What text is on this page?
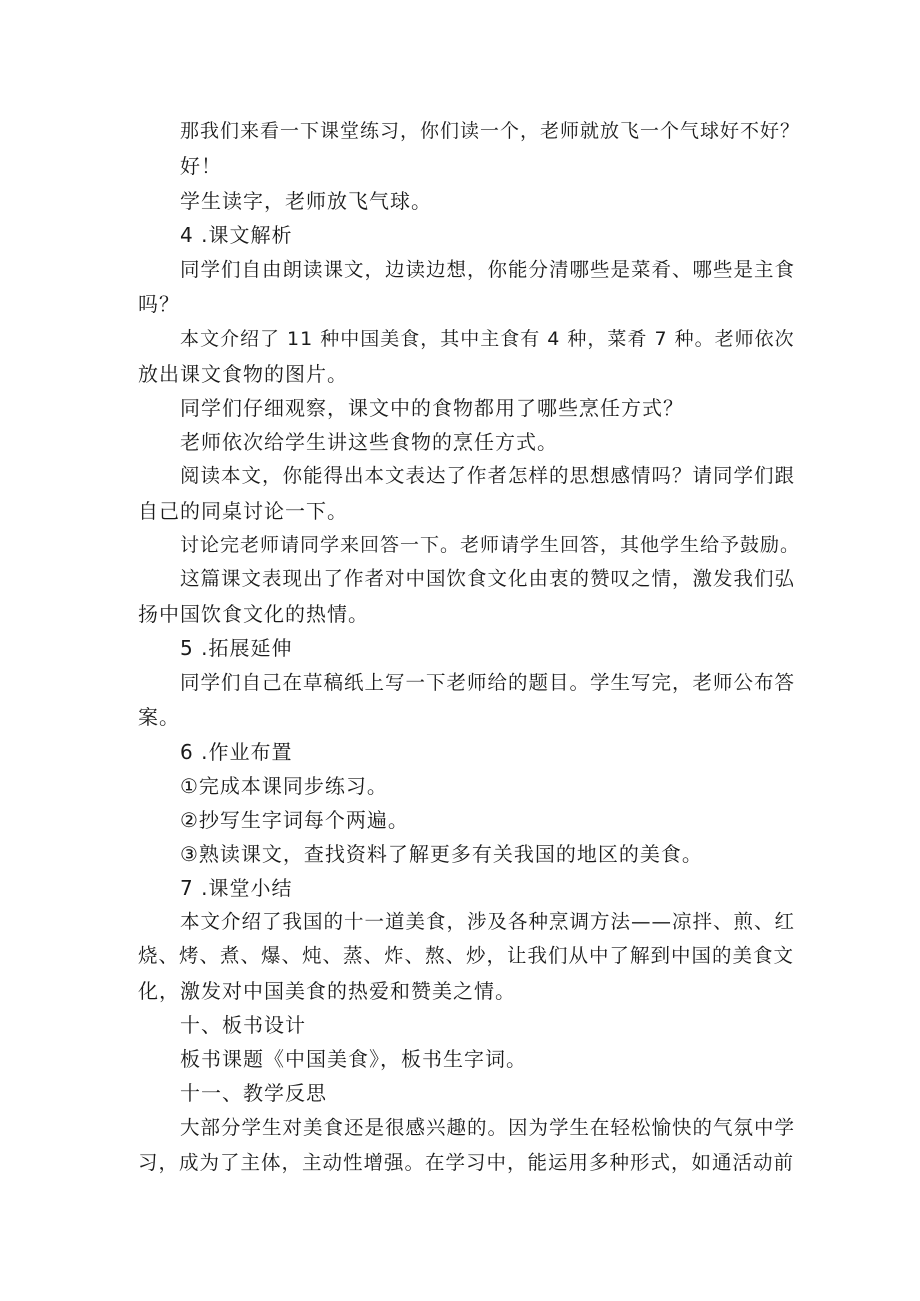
那我们来看一下课堂练习，你们读一个，老师就放飞一个气球好不好？
好！
学生读字，老师放飞气球。
4 .课文解析
同学们自由朗读课文，边读边想，你能分清哪些是菜肴、哪些是主食
吗？
本文介绍了 11 种中国美食，其中主食有 4 种，菜肴 7 种。老师依次
放出课文食物的图片。
同学们仔细观察，课文中的食物都用了哪些烹任方式？
老师依次给学生讲这些食物的烹任方式。
阅读本文，你能得出本文表达了作者怎样的思想感情吗？请同学们跟
自己的同桌讨论一下。
讨论完老师请同学来回答一下。老师请学生回答，其他学生给予鼓励。
这篇课文表现出了作者对中国饮食文化由衷的赞叹之情，激发我们弘
扬中国饮食文化的热情。
5 .拓展延伸
同学们自己在草稿纸上写一下老师给的题目。学生写完，老师公布答
案。
6 .作业布置
①完成本课同步练习。
②抄写生字词每个两遍。
③熟读课文，查找资料了解更多有关我国的地区的美食。
7 .课堂小结
本文介绍了我国的十一道美食，涉及各种烹调方法——凉拌、煎、红
烧、烤、煮、爆、炖、蒸、炸、熬、炒，让我们从中了解到中国的美食文
化，激发对中国美食的热爱和赞美之情。
十、板书设计
板书课题《中国美食》，板书生字词。
十一、教学反思
大部分学生对美食还是很感兴趣的。因为学生在轻松愉快的气氛中学
习，成为了主体，主动性增强。在学习中，能运用多种形式，如通活动前
